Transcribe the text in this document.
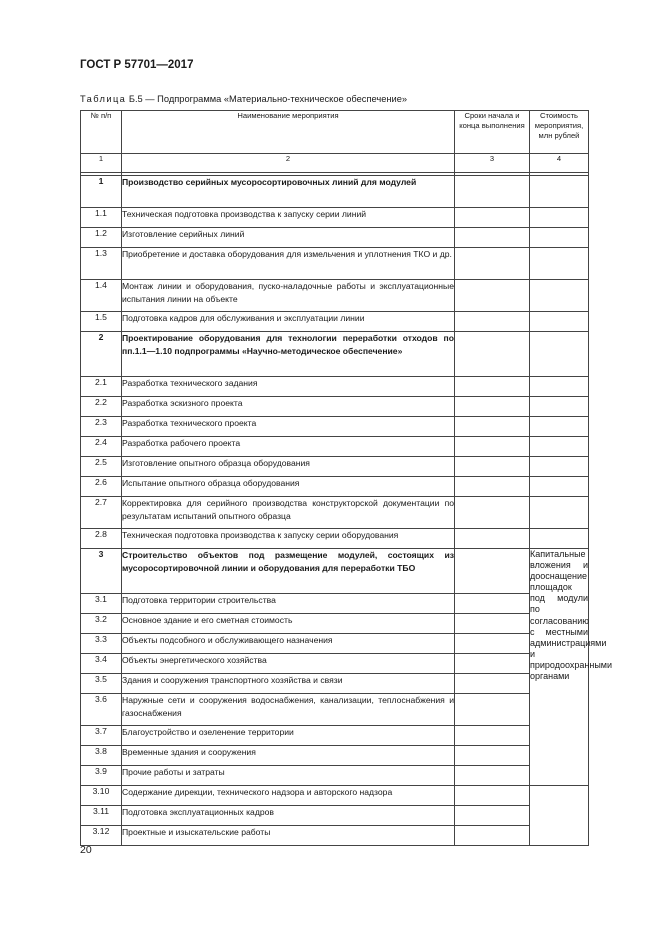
ГОСТ Р 57701—2017
Таблица Б.5 — Подпрограмма «Материально-техническое обеспечение»
№ п/п	Наименование мероприятия	Сроки начала и конца выполнения	Стоимость мероприятия, млн рублей
1	2	3	4

1	Производство серийных мусоросортировочных линий для модулей		
1.1	Техническая подготовка производства к запуску серии линий		
1.2	Изготовление серийных линий		
1.3	Приобретение и доставка оборудования для измельчения и уплотнения ТКО и др.		
1.4	Монтаж линии и оборудования, пуско-наладочные работы и эксплуатационные испытания линии на объекте		
1.5	Подготовка кадров для обслуживания и эксплуатации линии		
2	Проектирование оборудования для технологии переработки отходов по пп.1.1—1.10 подпрограммы «Научно-методическое обеспечение»		
2.1	Разработка технического задания		
2.2	Разработка эскизного проекта		
2.3	Разработка технического проекта		
2.4	Разработка рабочего проекта		
2.5	Изготовление опытного образца оборудования		
2.6	Испытание опытного образца оборудования		
2.7	Корректировка для серийного производства конструкторской документации по результатам испытаний опытного образца		
2.8	Техническая подготовка производства к запуску серии оборудования		
3	Строительство объектов под размещение модулей, состоящих из мусоросортировочной линии и оборудования для переработки ТБО		Капитальные вложения и дооснащение площадок под модули по согласованию с местными администрациями и природоохранными органами
3.1	Подготовка территории строительства		
3.2	Основное здание и его сметная стоимость		
3.3	Объекты подсобного и обслуживающего назначения		
3.4	Объекты энергетического хозяйства		
3.5	Здания и сооружения транспортного хозяйства и связи		
3.6	Наружные сети и сооружения водоснабжения, канализации, теплоснабжения и газоснабжения		
3.7	Благоустройство и озеленение территории		
3.8	Временные здания и сооружения		
3.9	Прочие работы и затраты		
3.10	Содержание дирекции, технического надзора и авторского надзора		
3.11	Подготовка эксплуатационных кадров		
3.12	Проектные и изыскательские работы		
20
